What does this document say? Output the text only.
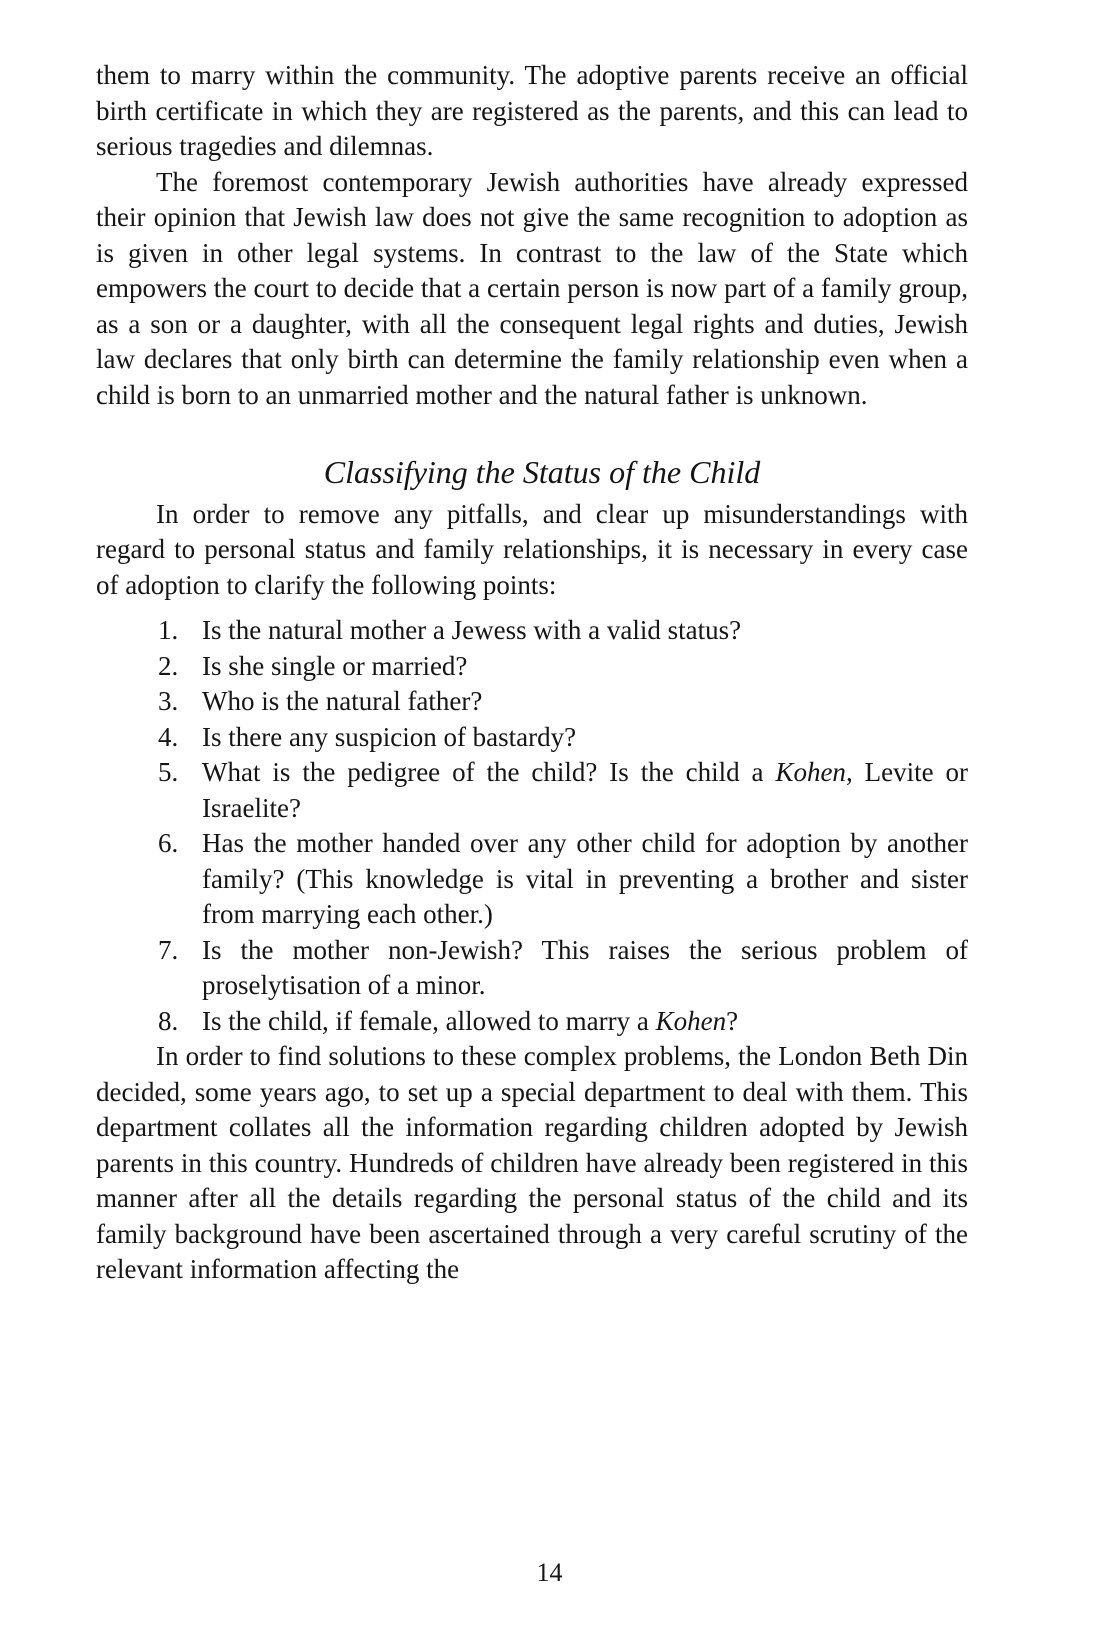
them to marry within the community. The adoptive parents receive an official birth certificate in which they are registered as the parents, and this can lead to serious tragedies and dilemnas.

The foremost contemporary Jewish authorities have already expressed their opinion that Jewish law does not give the same recognition to adoption as is given in other legal systems. In contrast to the law of the State which empowers the court to decide that a certain person is now part of a family group, as a son or a daughter, with all the consequent legal rights and duties, Jewish law declares that only birth can determine the family relationship even when a child is born to an unmarried mother and the natural father is unknown.

Classifying the Status of the Child

In order to remove any pitfalls, and clear up misunderstandings with regard to personal status and family relationships, it is necessary in every case of adoption to clarify the following points:

1. Is the natural mother a Jewess with a valid status?
2. Is she single or married?
3. Who is the natural father?
4. Is there any suspicion of bastardy?
5. What is the pedigree of the child? Is the child a Kohen, Levite or Israelite?
6. Has the mother handed over any other child for adoption by another family? (This knowledge is vital in preventing a brother and sister from marrying each other.)
7. Is the mother non-Jewish? This raises the serious problem of proselytisation of a minor.
8. Is the child, if female, allowed to marry a Kohen?

In order to find solutions to these complex problems, the London Beth Din decided, some years ago, to set up a special department to deal with them. This department collates all the information regarding children adopted by Jewish parents in this country. Hundreds of children have already been registered in this manner after all the details regarding the personal status of the child and its family background have been ascertained through a very careful scrutiny of the relevant information affecting the

14
